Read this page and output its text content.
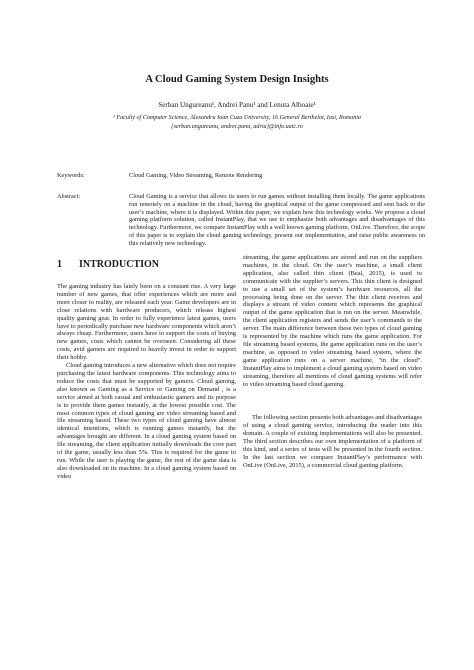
A Cloud Gaming System Design Insights
Serban Ungureanu¹, Andrei Panu¹ and Lenuta Alboaie¹
¹ Faculty of Computer Science, Alexandru Ioan Cuza University, 16 General Berthelot, Iasi, Romania
{serban.ungureanu, andrei.panu, adria}@info.uaic.ro
Keywords:	Cloud Gaming, Video Streaming, Remote Rendering
Abstract:	Cloud Gaming is a service that allows its users to run games without installing them locally. The game applications run remotely on a machine in the cloud, having the graphical output of the game compressed and sent back to the user’s machine, where it is displayed. Within this paper, we explain how this technology works. We propose a cloud gaming platform solution, called InstantPlay, that we use to emphasize both advantages and disadvantages of this technology. Furthermore, we compare InstantPlay with a well known gaming platform, OnLive. Therefore, the scope of this paper is to explain the cloud gaming technology, present our implementation, and raise public awareness on this relatively new technology.
1 INTRODUCTION

The gaming industry has lately been on a constant rise. A very large number of new games, that offer experiences which are more and more closer to reality, are released each year. Game developers are in close relations with hardware producers, which release highest quality gaming gear. In order to fully experience latest games, users have to periodically purchase new hardware components which aren’t always cheap. Furthermore, users have to support the costs of buying new games, costs which cannot be overseen. Considering all these costs, avid gamers are required to heavily invest in order to support their hobby.

Cloud gaming introduces a new alternative which does not require purchasing the latest hardware components. This technology aims to reduce the costs that must be supported by gamers. Cloud gaming, also known as Gaming as a Service or Gaming on Demand , is a service aimed at both casual and enthusiastic gamers and its purpose is to provide them games instantly, at the lowest possible cost. The most common types of cloud gaming are video streaming based and file streaming based. These two types of cloud gaming have almost identical intentions, which is running games instantly, but the advantages brought are different. In a cloud gaming system based on file streaming, the client application initially downloads the core part of the game, usually less than 5%. This is required for the game to run. While the user is playing the game, the rest of the game data is also downloaded on its machine. In a cloud gaming system based on video

streaming, the game applications are stored and run on the suppliers machines, in the cloud. On the user’s machine, a small client application, also called thin client (Beal, 2015), is used to communicate with the supplier’s servers. This thin client is designed to use a small set of the system’s hardware resources, all the processing being done on the server. The thin client receives and displays a stream of video content which represents the graphical output of the game application that is run on the server. Meanwhile, the client application registers and sends the user’s commands to the server. The main difference between these two types of cloud gaming is represented by the machine which runs the game application. For file streaming based systems, the game application runs on the user’s machine, as opposed to video streaming based system, where the game application runs on a server machine, "in the cloud". InstantPlay aims to implement a cloud gaming system based on video streaming, therefore all mentions of cloud gaming systems will refer to video streaming based cloud gaming.

The following section presents both advantages and disadvantages of using a cloud gaming service, introducing the reader into this domain. A couple of existing implementations will also be presented. The third section describes our own implementation of a platform of this kind, and a series of tests will be presented in the fourth section. In the last section we compare InstantPlay’s performance with OnLive (OnLive, 2015), a commercial cloud gaming platform.
